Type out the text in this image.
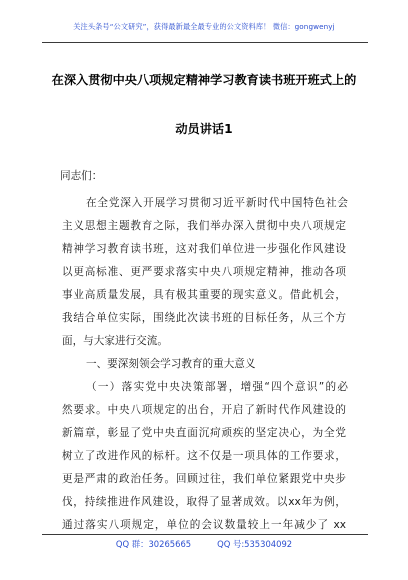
关注头条号“公文研究”，获得最新最全最专业的公文资料库！ 微信：gongwenyj
在深入贯彻中央八项规定精神学习教育读书班开班式上的
动员讲话1
同志们：
在全党深入开展学习贯彻习近平新时代中国特色社会
主义思想主题教育之际，我们举办深入贯彻中央八项规定
精神学习教育读书班，这对我们单位进一步强化作风建设
以更高标准、更严要求落实中央八项规定精神，推动各项
事业高质量发展，具有极其重要的现实意义。借此机会，
我结合单位实际，围绕此次读书班的目标任务，从三个方
面，与大家进行交流。
一、要深刻领会学习教育的重大意义
（一）落实党中央决策部署，增强“四个意识”的必
然要求。中央八项规定的出台，开启了新时代作风建设的
新篇章，彰显了党中央直面沉疴顽疾的坚定决心，为全党
树立了改进作风的标杆。这不仅是一项具体的工作要求，
更是严肃的政治任务。回顾过往，我们单位紧跟党中央步
伐，持续推进作风建设，取得了显著成效。以xx年为例，
通过落实八项规定，单位的会议数量较上一年减少了 xx
QQ 群：30265665	QQ 号:535304092
